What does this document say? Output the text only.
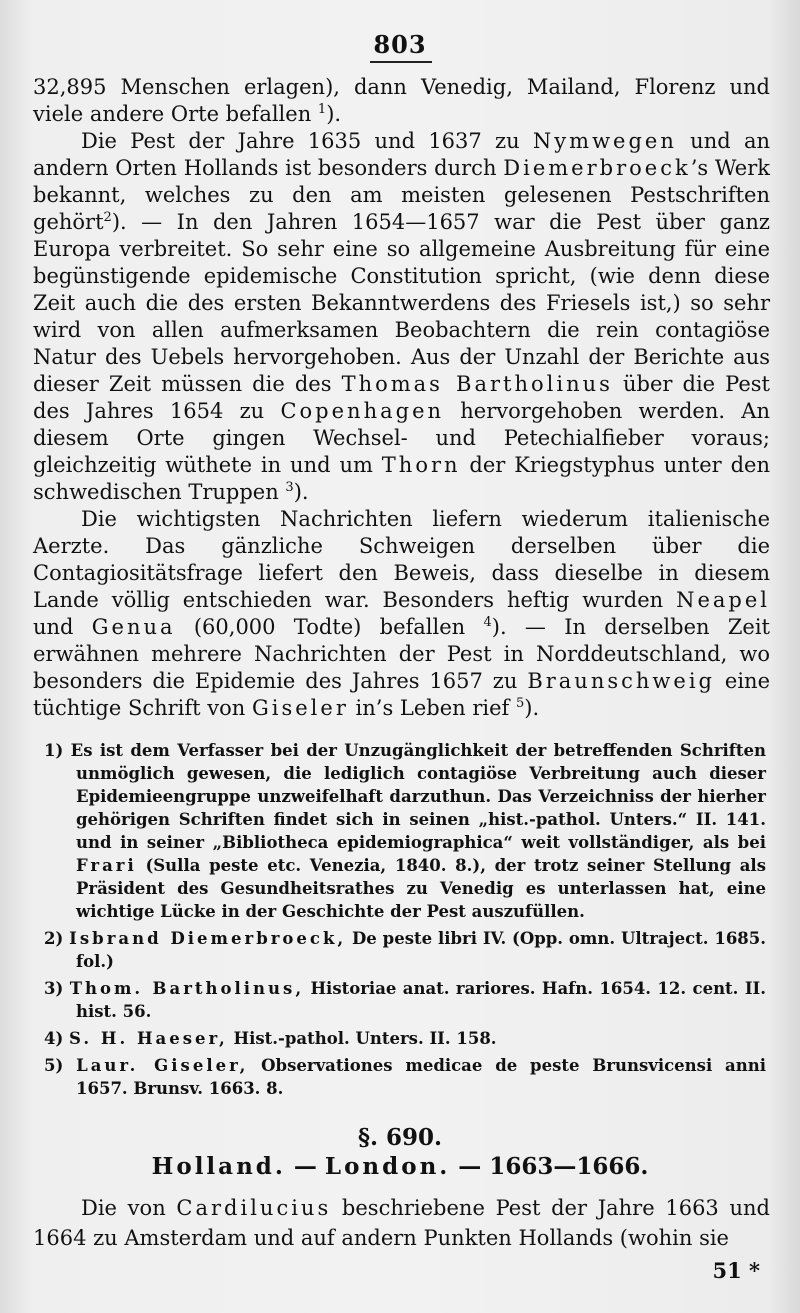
803

32,895 Menschen erlagen), dann Venedig, Mailand, Florenz und viele andere Orte befallen $^1$).

Die Pest der Jahre 1635 und 1637 zu Nymwegen und an andern Orten Hollands ist besonders durch Diemerbroeck’s Werk bekannt, welches zu den am meisten gelesenen Pestschriften gehört$^2$). — In den Jahren 1654—1657 war die Pest über ganz Europa verbreitet. So sehr eine so allgemeine Ausbreitung für eine begünstigende epidemische Constitution spricht, (wie denn diese Zeit auch die des ersten Bekanntwerdens des Friesels ist,) so sehr wird von allen aufmerksamen Beobachtern die rein contagiöse Natur des Uebels hervorgehoben. Aus der Unzahl der Berichte aus dieser Zeit müssen die des Thomas Bartholinus über die Pest des Jahres 1654 zu Copenhagen hervorgehoben werden. An diesem Orte gingen Wechsel- und Petechialfieber voraus; gleichzeitig wüthete in und um Thorn der Kriegstyphus unter den schwedischen Truppen $^3$).

Die wichtigsten Nachrichten liefern wiederum italienische Aerzte. Das gänzliche Schweigen derselben über die Contagiositätsfrage liefert den Beweis, dass dieselbe in diesem Lande völlig entschieden war. Besonders heftig wurden Neapel und Genua (60,000 Todte) befallen $^4$). — In derselben Zeit erwähnen mehrere Nachrichten der Pest in Norddeutschland, wo besonders die Epidemie des Jahres 1657 zu Braunschweig eine tüchtige Schrift von Giseler in’s Leben rief $^5$).

1) Es ist dem Verfasser bei der Unzugänglichkeit der betreffenden Schriften unmöglich gewesen, die lediglich contagiöse Verbreitung auch dieser Epidemieengruppe unzweifelhaft darzuthun. Das Verzeichniss der hierher gehörigen Schriften findet sich in seinen „hist.-pathol. Unters.“ II. 141. und in seiner „Bibliotheca epidemiographica“ weit vollständiger, als bei Frari (Sulla peste etc. Venezia, 1840. 8.), der trotz seiner Stellung als Präsident des Gesundheitsrathes zu Venedig es unterlassen hat, eine wichtige Lücke in der Geschichte der Pest auszufüllen.

2) Isbrand Diemerbroeck, De peste libri IV. (Opp. omn. Ultraject. 1685. fol.)

3) Thom. Bartholinus, Historiae anat. rariores. Hafn. 1654. 12. cent. II. hist. 56.

4) S. H. Haeser, Hist.-pathol. Unters. II. 158.

5) Laur. Giseler, Observationes medicae de peste Brunsvicensi anni 1657. Brunsv. 1663. 8.

§. 690.
Holland. — London. — 1663—1666.

Die von Cardilucius beschriebene Pest der Jahre 1663 und 1664 zu Amsterdam und auf andern Punkten Hollands (wohin sie

51 *
